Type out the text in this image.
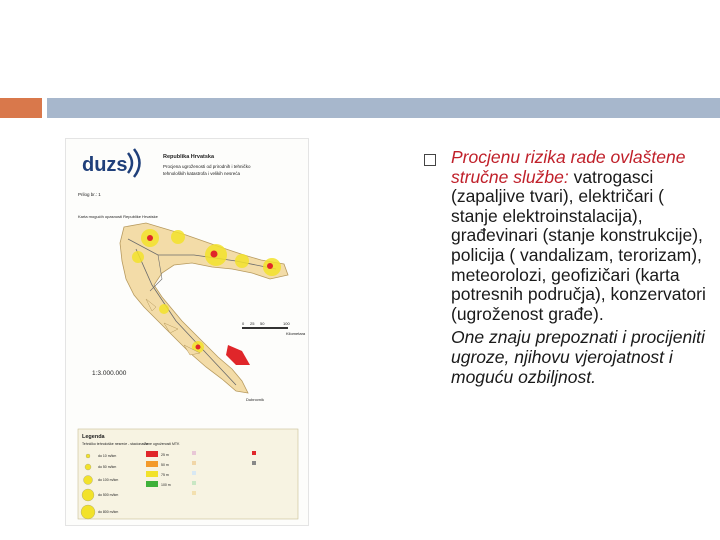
duzs	Republika Hrvatska
Procjena ugroženosti od prirodnih i tehničko
tehnoloških katastrofa i velikih nesreća
Prilog br.: 1
Karta mogućih opasnosti Republike Hrvatske
Dubrovnik
0 25 50	100
Kilometara
1:3.000.000
Legenda
Tehničko tehnološke nesreće - stacionarne
Zone ugroženosti MTK
do 10 m/km
do 50 m/km
do 100 m/km
do 500 m/km
do 800 m/km
25 m
50 m
75 m
100 m

Procjenu rizika rade ovlaštene stručne službe: vatrogasci (zapaljive tvari), električari ( stanje elektroinstalacija), građevinari (stanje konstrukcije), policija ( vandalizam, terorizam), meteorolozi, geofizičari (karta potresnih područja), konzervatori (ugroženost građe).

One znaju prepoznati i procijeniti ugroze, njihovu vjerojatnost i moguću ozbiljnost.
